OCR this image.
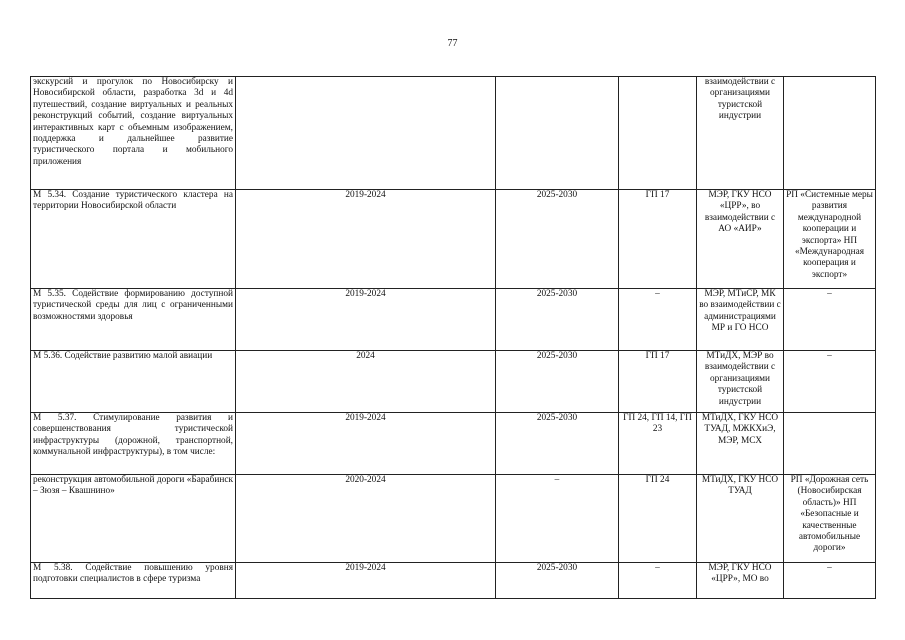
77
экскурсий и прогулок по Новосибирску и Новосибирской области, разработка 3d и 4d путешествий, создание виртуальных и реальных реконструкций событий, создание виртуальных интерактивных карт с объемным изображением, поддержка и дальнейшее развитие туристического портала и мобильного приложения				взаимодействии с организациями туристской индустрии	
М 5.34. Создание туристического кластера на территории Новосибирской области	2019-2024	2025-2030	ГП 17	МЭР, ГКУ НСО «ЦРР», во взаимодействии с АО «АИР»	РП «Системные меры развития международной кооперации и экспорта» НП «Международная кооперация и экспорт»
М 5.35. Содействие формированию доступной туристической среды для лиц с ограниченными возможностями здоровья	2019-2024	2025-2030	–	МЭР, МТиСР, МК во взаимодействии с администрациями МР и ГО НСО	–
М 5.36. Содействие развитию малой авиации	2024	2025-2030	ГП 17	МТиДХ, МЭР во взаимодействии с организациями туристской индустрии	–
М 5.37. Стимулирование развития и совершенствования туристической инфраструктуры (дорожной, транспортной, коммунальной инфраструктуры), в том числе:	2019-2024	2025-2030	ГП 24, ГП 14, ГП 23	МТиДХ, ГКУ НСО ТУАД, МЖКХиЭ, МЭР, МСХ	
реконструкция автомобильной дороги «Барабинск – Зюзя – Квашнино»	2020-2024	–	ГП 24	МТиДХ, ГКУ НСО ТУАД	РП «Дорожная сеть (Новосибирская область)» НП «Безопасные и качественные автомобильные дороги»
М 5.38. Содействие повышению уровня подготовки специалистов в сфере туризма	2019-2024	2025-2030	–	МЭР, ГКУ НСО «ЦРР», МО во	–
